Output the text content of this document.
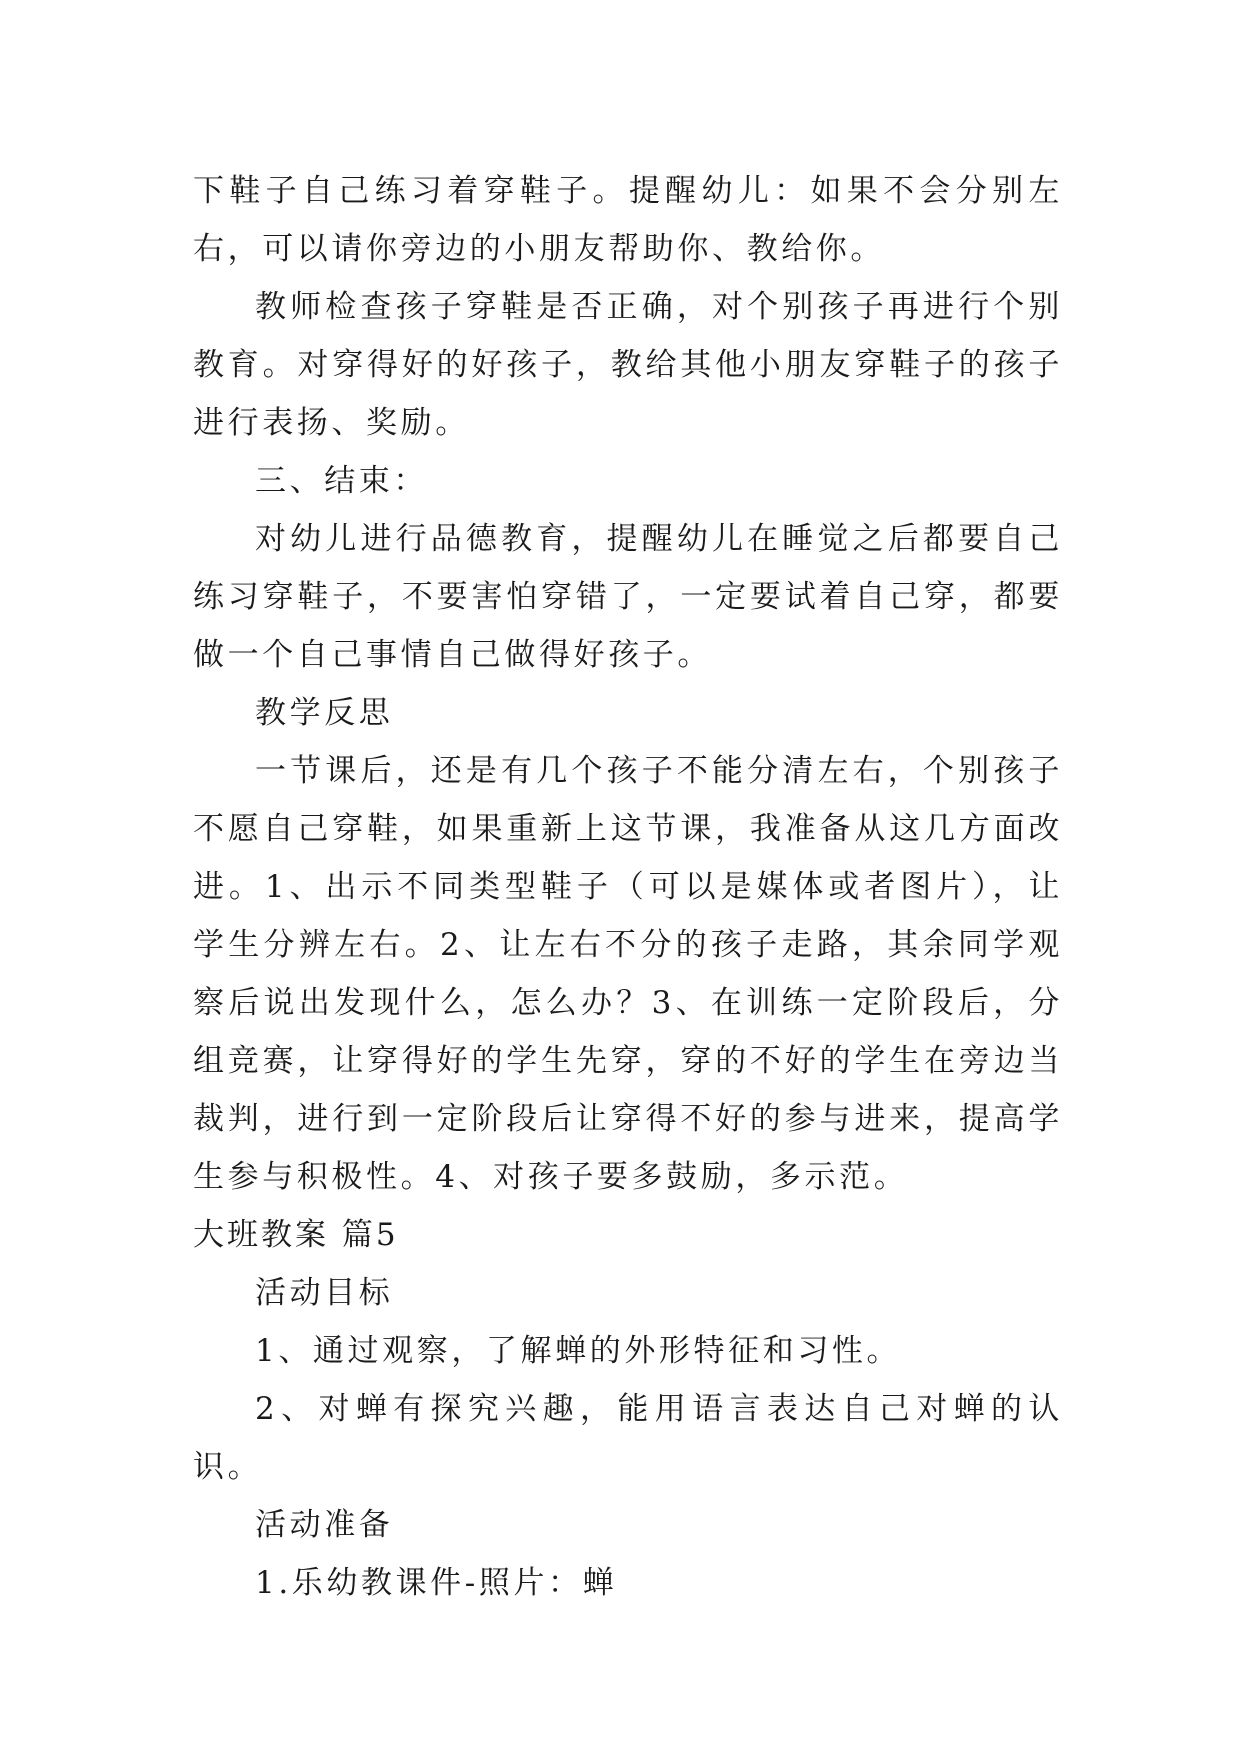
下鞋子自己练习着穿鞋子。提醒幼儿：如果不会分别左右，可以请你旁边的小朋友帮助你、教给你。

教师检查孩子穿鞋是否正确，对个别孩子再进行个别教育。对穿得好的好孩子，教给其他小朋友穿鞋子的孩子进行表扬、奖励。

三、结束：

对幼儿进行品德教育，提醒幼儿在睡觉之后都要自己练习穿鞋子，不要害怕穿错了，一定要试着自己穿，都要做一个自己事情自己做得好孩子。

教学反思

一节课后，还是有几个孩子不能分清左右，个别孩子不愿自己穿鞋，如果重新上这节课，我准备从这几方面改进。1、出示不同类型鞋子（可以是媒体或者图片），让学生分辨左右。2、让左右不分的孩子走路，其余同学观察后说出发现什么，怎么办？3、在训练一定阶段后，分组竞赛，让穿得好的学生先穿，穿的不好的学生在旁边当裁判，进行到一定阶段后让穿得不好的参与进来，提高学生参与积极性。4、对孩子要多鼓励，多示范。

大班教案 篇5

活动目标

1、通过观察，了解蝉的外形特征和习性。

2、对蝉有探究兴趣，能用语言表达自己对蝉的认识。

活动准备

1.乐幼教课件-照片：蝉
